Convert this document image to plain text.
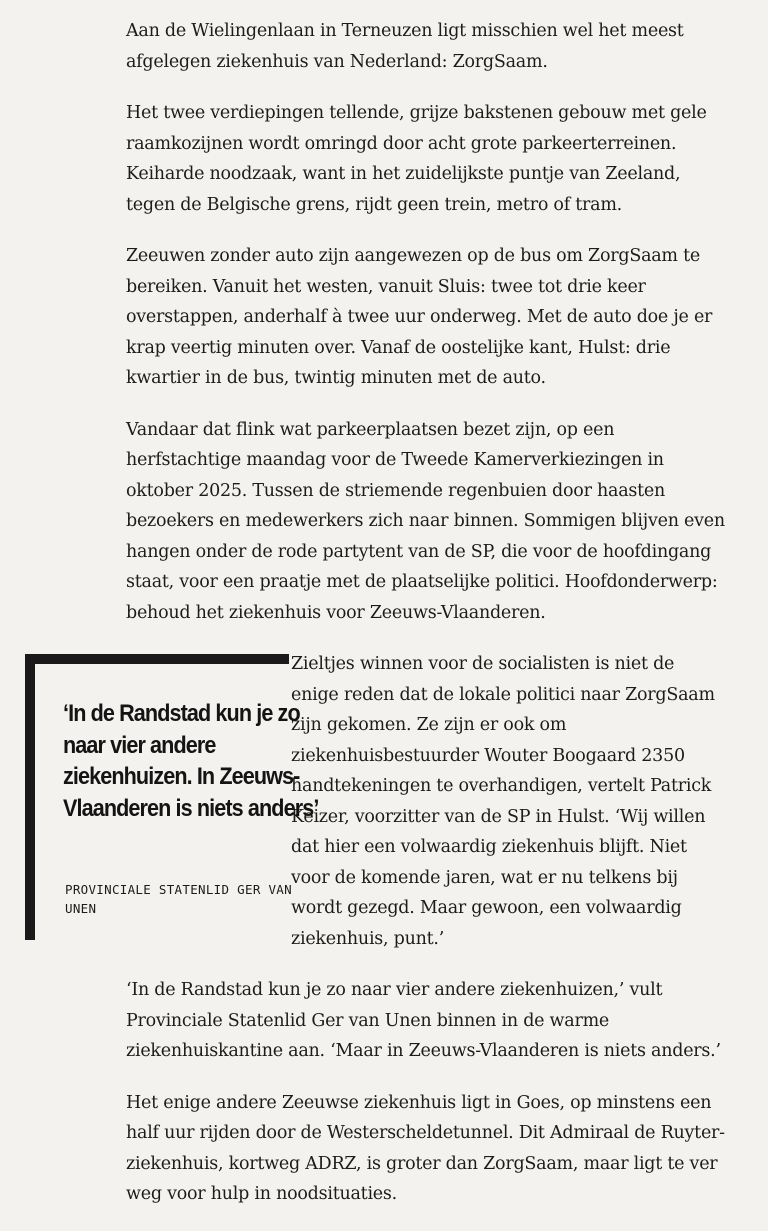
Aan de Wielingenlaan in Terneuzen ligt misschien wel het meest afgelegen ziekenhuis van Nederland: ZorgSaam.

Het twee verdiepingen tellende, grijze bakstenen gebouw met gele raamkozijnen wordt omringd door acht grote parkeerterreinen. Keiharde noodzaak, want in het zuidelijkste puntje van Zeeland, tegen de Belgische grens, rijdt geen trein, metro of tram.

Zeeuwen zonder auto zijn aangewezen op de bus om ZorgSaam te bereiken. Vanuit het westen, vanuit Sluis: twee tot drie keer overstappen, anderhalf à twee uur onderweg. Met de auto doe je er krap veertig minuten over. Vanaf de oostelijke kant, Hulst: drie kwartier in de bus, twintig minuten met de auto.

Vandaar dat flink wat parkeerplaatsen bezet zijn, op een herfstachtige maandag voor de Tweede Kamerverkiezingen in oktober 2025. Tussen de striemende regenbuien door haasten bezoekers en medewerkers zich naar binnen. Sommigen blijven even hangen onder de rode partytent van de SP, die voor de hoofdingang staat, voor een praatje met de plaatselijke politici. Hoofdonderwerp: behoud het ziekenhuis voor Zeeuws-Vlaanderen.

‘In de Randstad kun je zo naar vier andere ziekenhuizen. In Zeeuws-Vlaanderen is niets anders’
PROVINCIALE STATENLID GER VAN UNEN

Zieltjes winnen voor de socialisten is niet de enige reden dat de lokale politici naar ZorgSaam zijn gekomen. Ze zijn er ook om ziekenhuisbestuurder Wouter Boogaard 2350 handtekeningen te overhandigen, vertelt Patrick Keizer, voorzitter van de SP in Hulst. ‘Wij willen dat hier een volwaardig ziekenhuis blijft. Niet voor de komende jaren, wat er nu telkens bij wordt gezegd. Maar gewoon, een volwaardig ziekenhuis, punt.’

‘In de Randstad kun je zo naar vier andere ziekenhuizen,’ vult Provinciale Statenlid Ger van Unen binnen in de warme ziekenhuiskantine aan. ‘Maar in Zeeuws-Vlaanderen is niets anders.’

Het enige andere Zeeuwse ziekenhuis ligt in Goes, op minstens een half uur rijden door de Westerscheldetunnel. Dit Admiraal de Ruyter-ziekenhuis, kortweg ADRZ, is groter dan ZorgSaam, maar ligt te ver weg voor hulp in noodsituaties.
